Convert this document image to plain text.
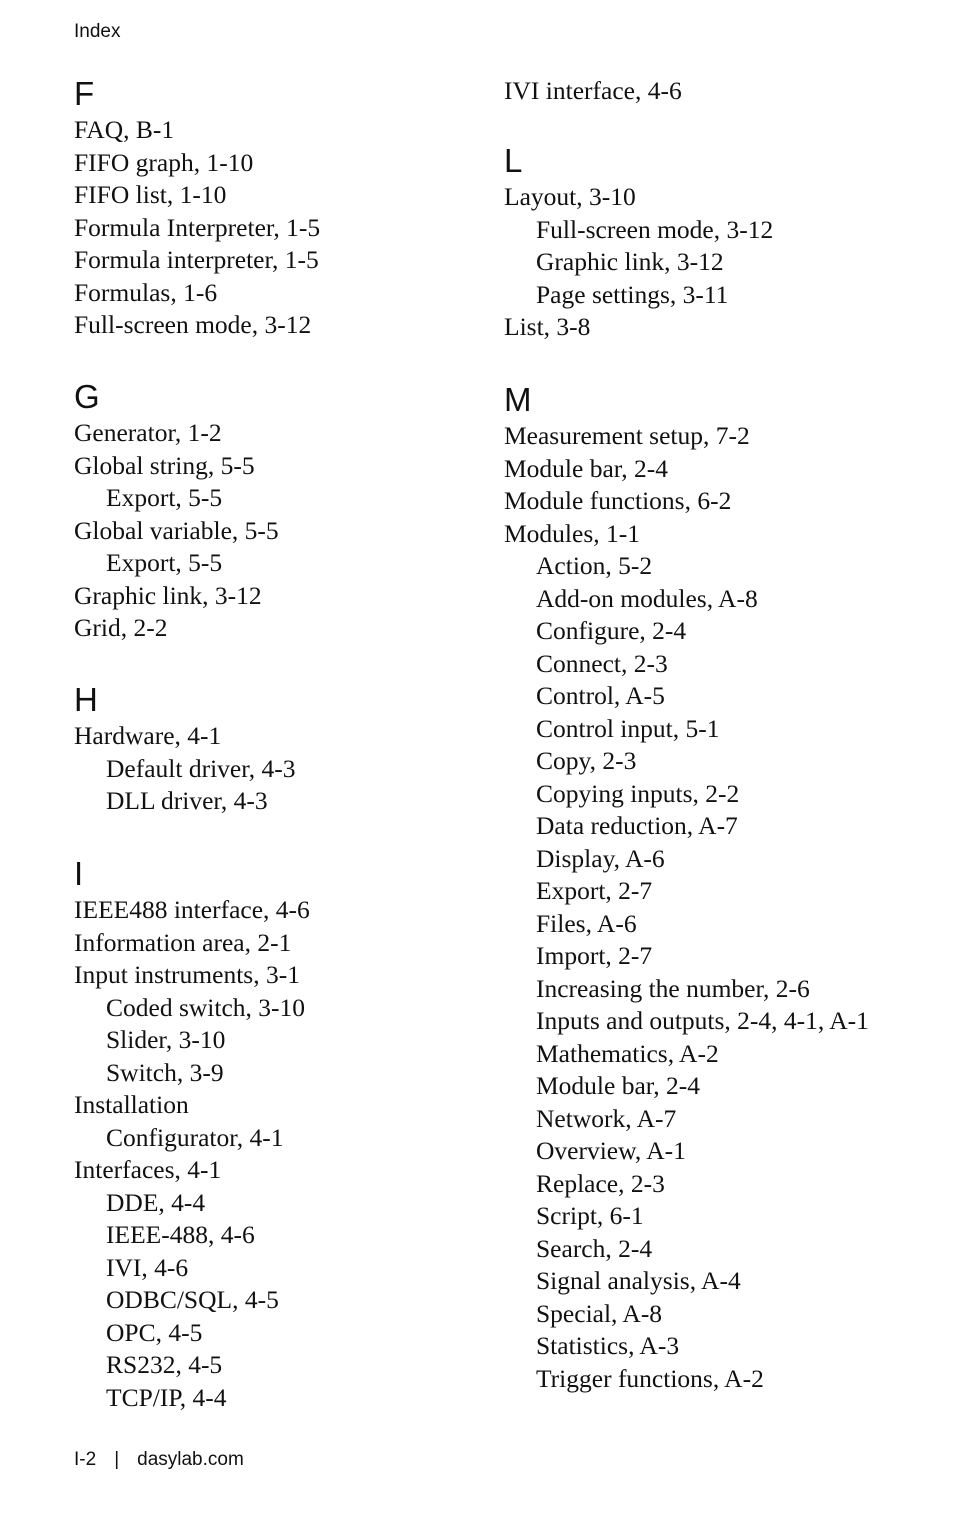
Index
F
FAQ, B-1
FIFO graph, 1-10
FIFO list, 1-10
Formula Interpreter, 1-5
Formula interpreter, 1-5
Formulas, 1-6
Full-screen mode, 3-12
G
Generator, 1-2
Global string, 5-5
Export, 5-5
Global variable, 5-5
Export, 5-5
Graphic link, 3-12
Grid, 2-2
H
Hardware, 4-1
Default driver, 4-3
DLL driver, 4-3
I
IEEE488 interface, 4-6
Information area, 2-1
Input instruments, 3-1
Coded switch, 3-10
Slider, 3-10
Switch, 3-9
Installation
Configurator, 4-1
Interfaces, 4-1
DDE, 4-4
IEEE-488, 4-6
IVI, 4-6
ODBC/SQL, 4-5
OPC, 4-5
RS232, 4-5
TCP/IP, 4-4
IVI interface, 4-6
L
Layout, 3-10
Full-screen mode, 3-12
Graphic link, 3-12
Page settings, 3-11
List, 3-8
M
Measurement setup, 7-2
Module bar, 2-4
Module functions, 6-2
Modules, 1-1
Action, 5-2
Add-on modules, A-8
Configure, 2-4
Connect, 2-3
Control, A-5
Control input, 5-1
Copy, 2-3
Copying inputs, 2-2
Data reduction, A-7
Display, A-6
Export, 2-7
Files, A-6
Import, 2-7
Increasing the number, 2-6
Inputs and outputs, 2-4, 4-1, A-1
Mathematics, A-2
Module bar, 2-4
Network, A-7
Overview, A-1
Replace, 2-3
Script, 6-1
Search, 2-4
Signal analysis, A-4
Special, A-8
Statistics, A-3
Trigger functions, A-2
I-2 | dasylab.com
